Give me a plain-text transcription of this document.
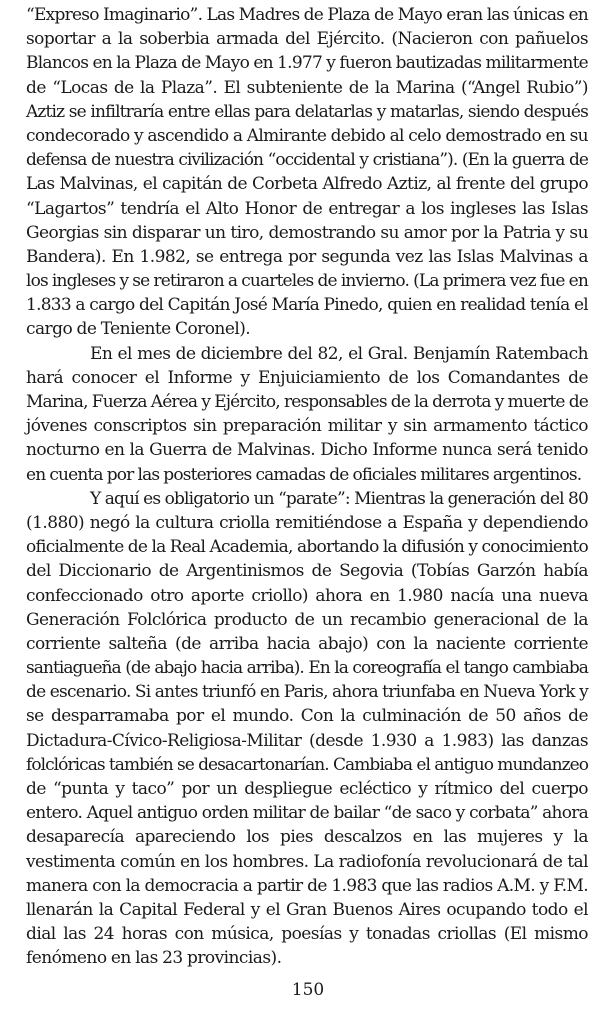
“Expreso Imaginario”. Las Madres de Plaza de Mayo eran las únicas en
soportar a la soberbia armada del Ejército. (Nacieron con pañuelos
Blancos en la Plaza de Mayo en 1.977 y fueron bautizadas militarmente
de “Locas de la Plaza”. El subteniente de la Marina (“Angel Rubio”)
Aztiz se infiltraría entre ellas para delatarlas y matarlas, siendo después
condecorado y ascendido a Almirante debido al celo demostrado en su
defensa de nuestra civilización “occidental y cristiana”). (En la guerra de
Las Malvinas, el capitán de Corbeta Alfredo Aztiz, al frente del grupo
“Lagartos” tendría el Alto Honor de entregar a los ingleses las Islas
Georgias sin disparar un tiro, demostrando su amor por la Patria y su
Bandera). En 1.982, se entrega por segunda vez las Islas Malvinas a
los ingleses y se retiraron a cuarteles de invierno. (La primera vez fue en
1.833 a cargo del Capitán José María Pinedo, quien en realidad tenía el
cargo de Teniente Coronel).
En el mes de diciembre del 82, el Gral. Benjamín Ratembach
hará conocer el Informe y Enjuiciamiento de los Comandantes de
Marina, Fuerza Aérea y Ejército, responsables de la derrota y muerte de
jóvenes conscriptos sin preparación militar y sin armamento táctico
nocturno en la Guerra de Malvinas. Dicho Informe nunca será tenido
en cuenta por las posteriores camadas de oficiales militares argentinos.
Y aquí es obligatorio un “parate”: Mientras la generación del 80
(1.880) negó la cultura criolla remitiéndose a España y dependiendo
oficialmente de la Real Academia, abortando la difusión y conocimiento
del Diccionario de Argentinismos de Segovia (Tobías Garzón había
confeccionado otro aporte criollo) ahora en 1.980 nacía una nueva
Generación Folclórica producto de un recambio generacional de la
corriente salteña (de arriba hacia abajo) con la naciente corriente
santiagueña (de abajo hacia arriba). En la coreografía el tango cambiaba
de escenario. Si antes triunfó en Paris, ahora triunfaba en Nueva York y
se desparramaba por el mundo. Con la culminación de 50 años de
Dictadura-Cívico-Religiosa-Militar (desde 1.930 a 1.983) las danzas
folclóricas también se desacartonarían. Cambiaba el antiguo mundanzeo
de “punta y taco” por un despliegue ecléctico y rítmico del cuerpo
entero. Aquel antiguo orden militar de bailar “de saco y corbata” ahora
desaparecía apareciendo los pies descalzos en las mujeres y la
vestimenta común en los hombres. La radiofonía revolucionará de tal
manera con la democracia a partir de 1.983 que las radios A.M. y F.M.
llenarán la Capital Federal y el Gran Buenos Aires ocupando todo el
dial las 24 horas con música, poesías y tonadas criollas (El mismo
fenómeno en las 23 provincias).
150
